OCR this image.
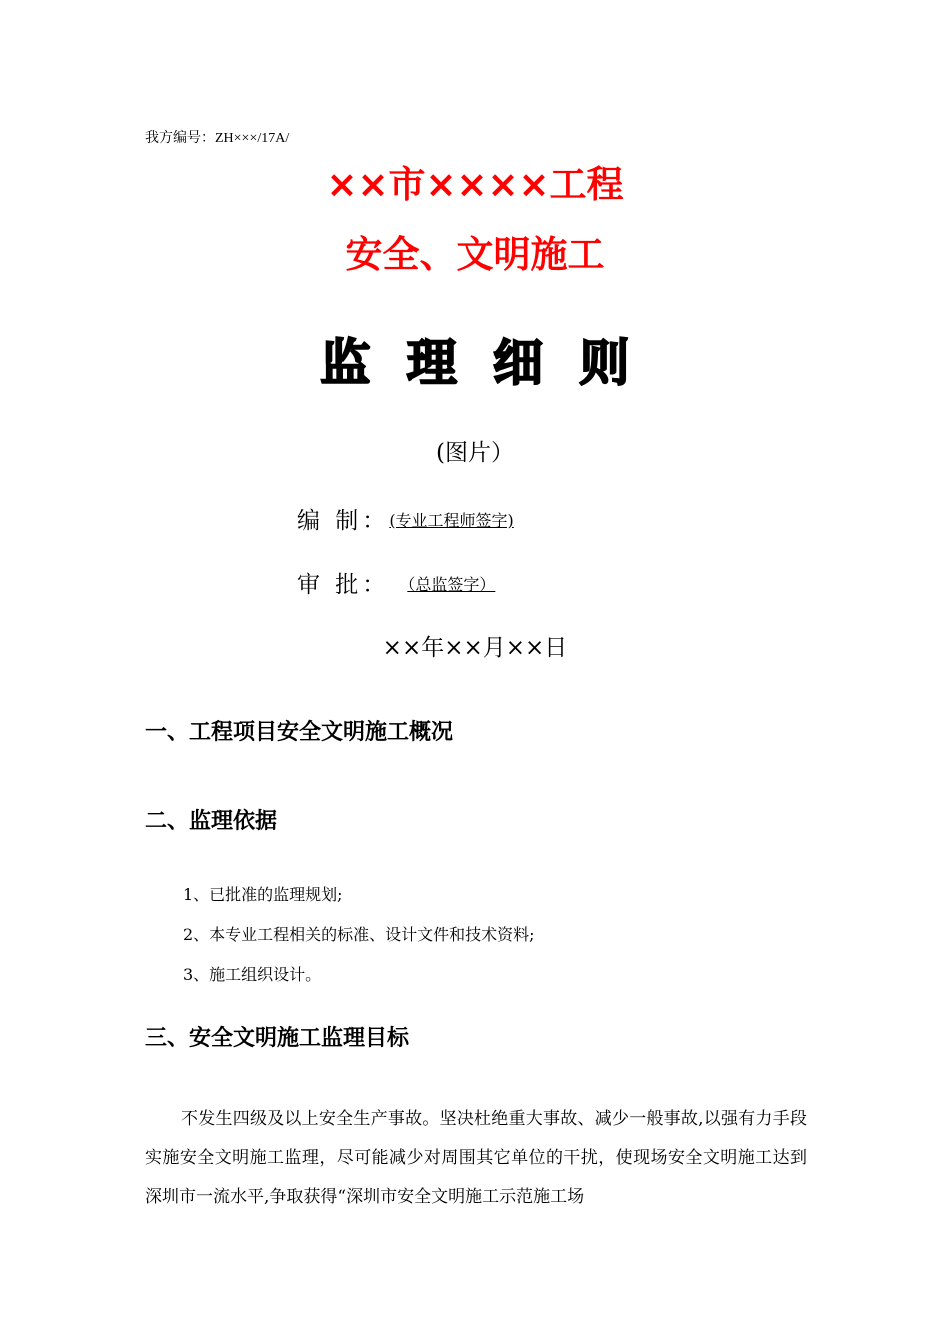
我方编号：ZH×××/17A/
××市××××工程
安全、文明施工
监 理 细 则
(图片）
编 制：(专业工程师签字)
审 批： （总监签字）
××年××月××日
一、工程项目安全文明施工概况
二、监理依据
1、已批准的监理规划;
2、本专业工程相关的标准、设计文件和技术资料;
3、施工组织设计。
三、安全文明施工监理目标
不发生四级及以上安全生产事故。坚决杜绝重大事故、减少一般事故,以强有力手段实施安全文明施工监理，尽可能减少对周围其它单位的干扰，使现场安全文明施工达到深圳市一流水平,争取获得“深圳市安全文明施工示范施工场
